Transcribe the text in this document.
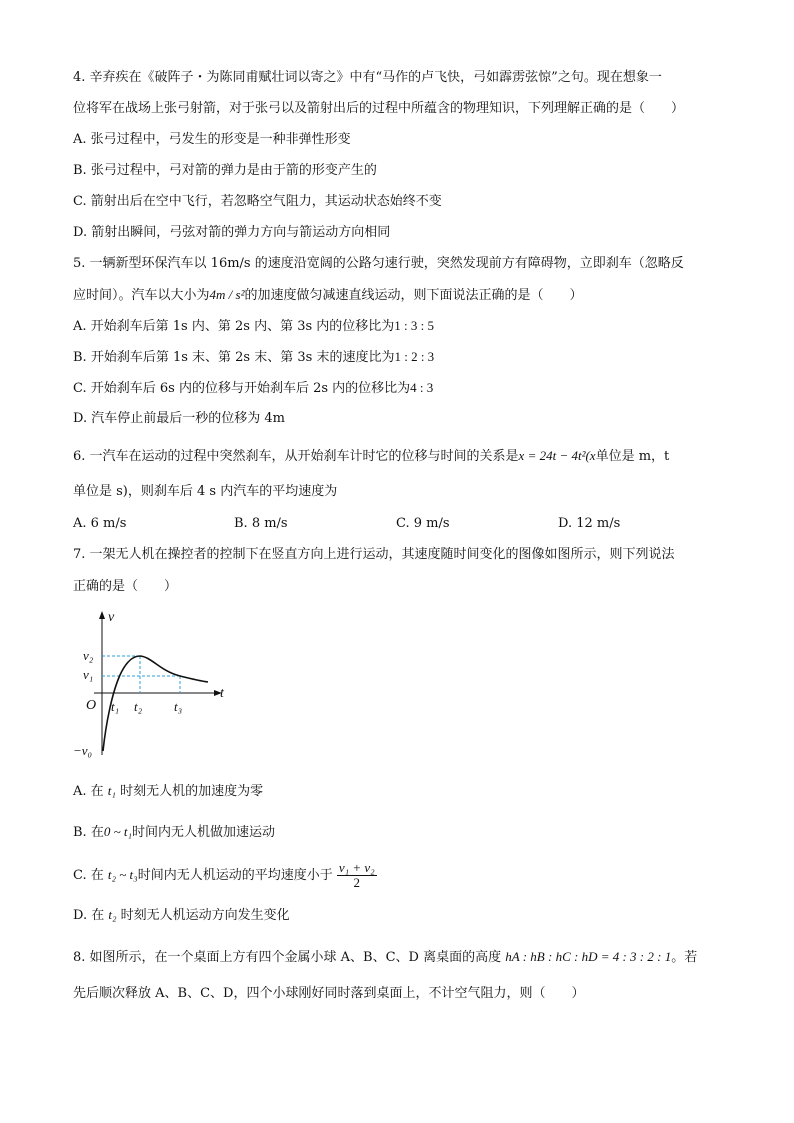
4. 辛弃疾在《破阵子・为陈同甫赋壮词以寄之》中有“马作的卢飞快，弓如霹雳弦惊”之句。现在想象一
位将军在战场上张弓射箭，对于张弓以及箭射出后的过程中所蕴含的物理知识，下列理解正确的是（　　）
A. 张弓过程中，弓发生的形变是一种非弹性形变
B. 张弓过程中，弓对箭的弹力是由于箭的形变产生的
C. 箭射出后在空中飞行，若忽略空气阻力，其运动状态始终不变
D. 箭射出瞬间，弓弦对箭的弹力方向与箭运动方向相同
5. 一辆新型环保汽车以 16m/s 的速度沿宽阔的公路匀速行驶，突然发现前方有障碍物，立即刹车（忽略反
应时间）。汽车以大小为4m / s²的加速度做匀减速直线运动，则下面说法正确的是（　　）
A. 开始刹车后第 1s 内、第 2s 内、第 3s 内的位移比为1 : 3 : 5
B. 开始刹车后第 1s 末、第 2s 末、第 3s 末的速度比为1 : 2 : 3
C. 开始刹车后 6s 内的位移与开始刹车后 2s 内的位移比为4 : 3
D. 汽车停止前最后一秒的位移为 4m
6. 一汽车在运动的过程中突然刹车，从开始刹车计时它的位移与时间的关系是x = 24t − 4t²(x单位是 m，t
单位是 s)，则刹车后 4 s 内汽车的平均速度为
A. 6 m/s	B. 8 m/s	C. 9 m/s	D. 12 m/s
7. 一架无人机在操控者的控制下在竖直方向上进行运动，其速度随时间变化的图像如图所示，则下列说法
正确的是（　　）
v
t
O
v₂
v₁
−v₀
t₁ t₂ t₃
A. 在 t₁ 时刻无人机的加速度为零
B. 在0 ~ t₁时间内无人机做加速运动
C. 在 t₂ ~ t₃时间内无人机运动的平均速度小于 $\frac{\text{v₁ + v₂}}{2}$
D. 在 t₂ 时刻无人机运动方向发生变化
8. 如图所示，在一个桌面上方有四个金属小球 A、B、C、D 离桌面的高度 hA : hB : hC : hD = 4 : 3 : 2 : 1。若
先后顺次释放 A、B、C、D，四个小球刚好同时落到桌面上，不计空气阻力，则（　　）
